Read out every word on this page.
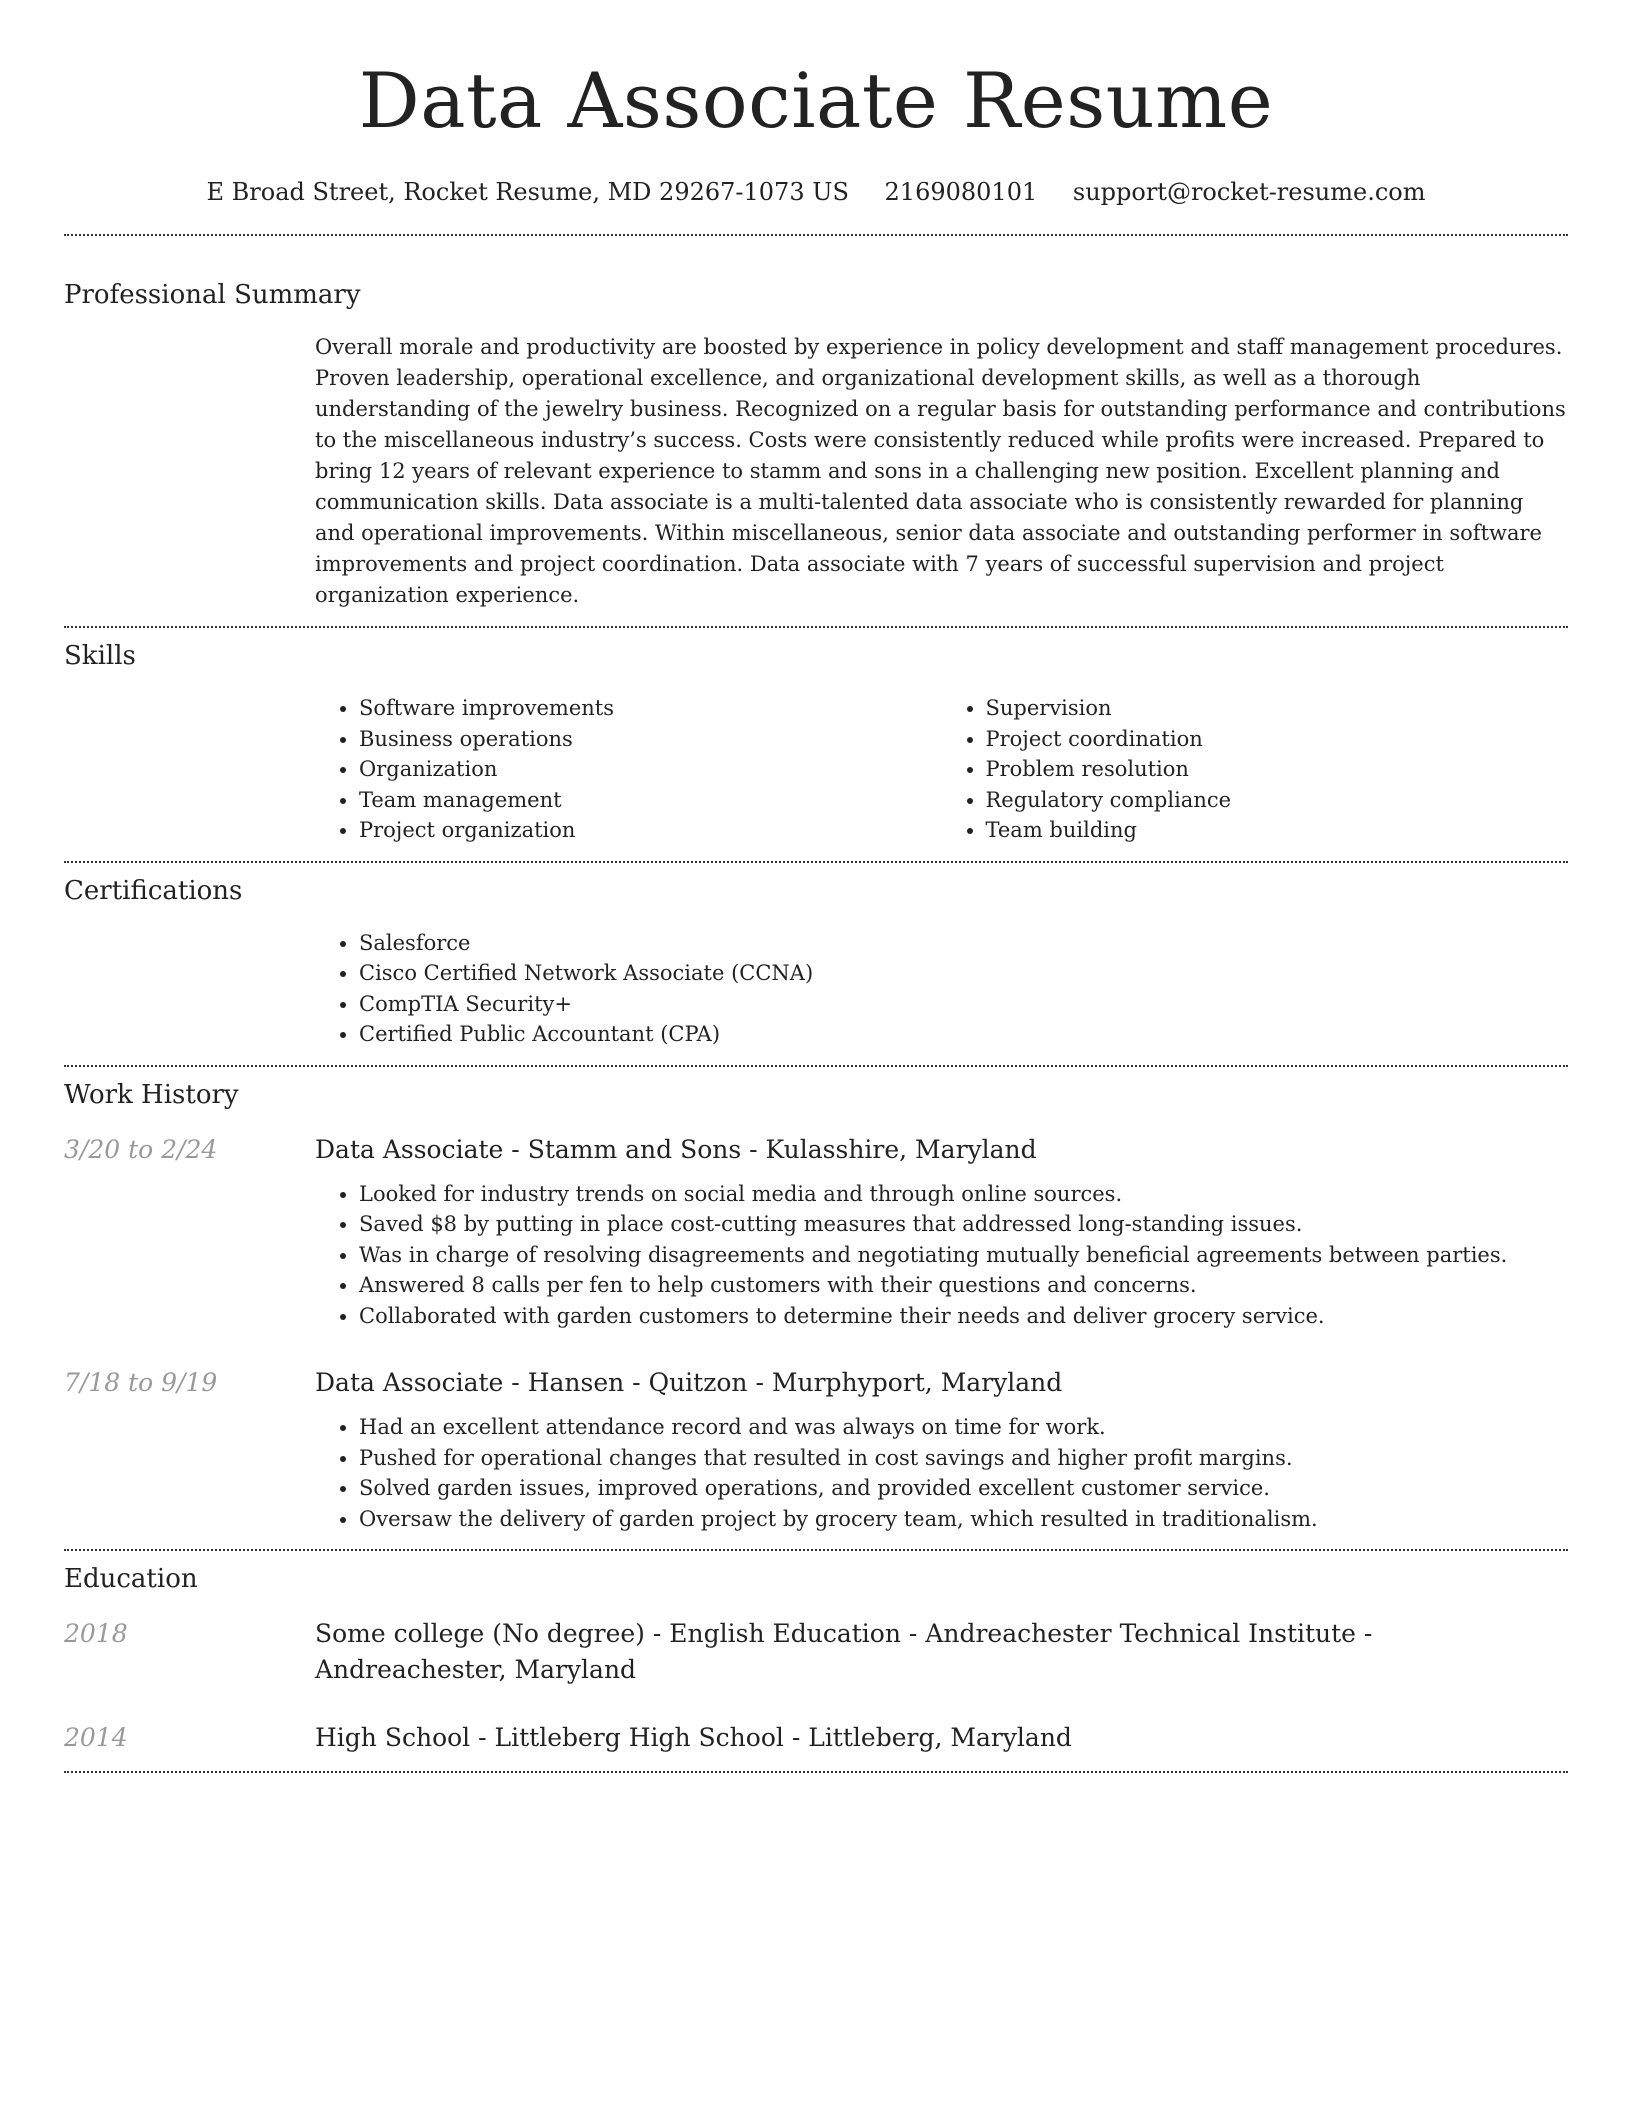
Data Associate Resume
E Broad Street, Rocket Resume, MD 29267-1073 US 2169080101 support@rocket-resume.com
Professional Summary

Overall morale and productivity are boosted by experience in policy development and staff management procedures. Proven leadership, operational excellence, and organizational development skills, as well as a thorough understanding of the jewelry business. Recognized on a regular basis for outstanding performance and contributions to the miscellaneous industry’s success. Costs were consistently reduced while profits were increased. Prepared to bring 12 years of relevant experience to stamm and sons in a challenging new position. Excellent planning and communication skills. Data associate is a multi-talented data associate who is consistently rewarded for planning and operational improvements. Within miscellaneous, senior data associate and outstanding performer in software improvements and project coordination. Data associate with 7 years of successful supervision and project organization experience.

Skills
• Software improvements
• Business operations
• Organization
• Team management
• Project organization
• Supervision
• Project coordination
• Problem resolution
• Regulatory compliance
• Team building
Certifications
• Salesforce
• Cisco Certified Network Associate (CCNA)
• CompTIA Security+
• Certified Public Accountant (CPA)
Work History
3/20 to 2/24	Data Associate - Stamm and Sons - Kulasshire, Maryland
• Looked for industry trends on social media and through online sources.
• Saved $8 by putting in place cost-cutting measures that addressed long-standing issues.
• Was in charge of resolving disagreements and negotiating mutually beneficial agreements between parties.
• Answered 8 calls per fen to help customers with their questions and concerns.
• Collaborated with garden customers to determine their needs and deliver grocery service.
7/18 to 9/19	Data Associate - Hansen - Quitzon - Murphyport, Maryland
• Had an excellent attendance record and was always on time for work.
• Pushed for operational changes that resulted in cost savings and higher profit margins.
• Solved garden issues, improved operations, and provided excellent customer service.
• Oversaw the delivery of garden project by grocery team, which resulted in traditionalism.
Education
2018	Some college (No degree) - English Education - Andreachester Technical Institute - Andreachester, Maryland
2014	High School - Littleberg High School - Littleberg, Maryland
